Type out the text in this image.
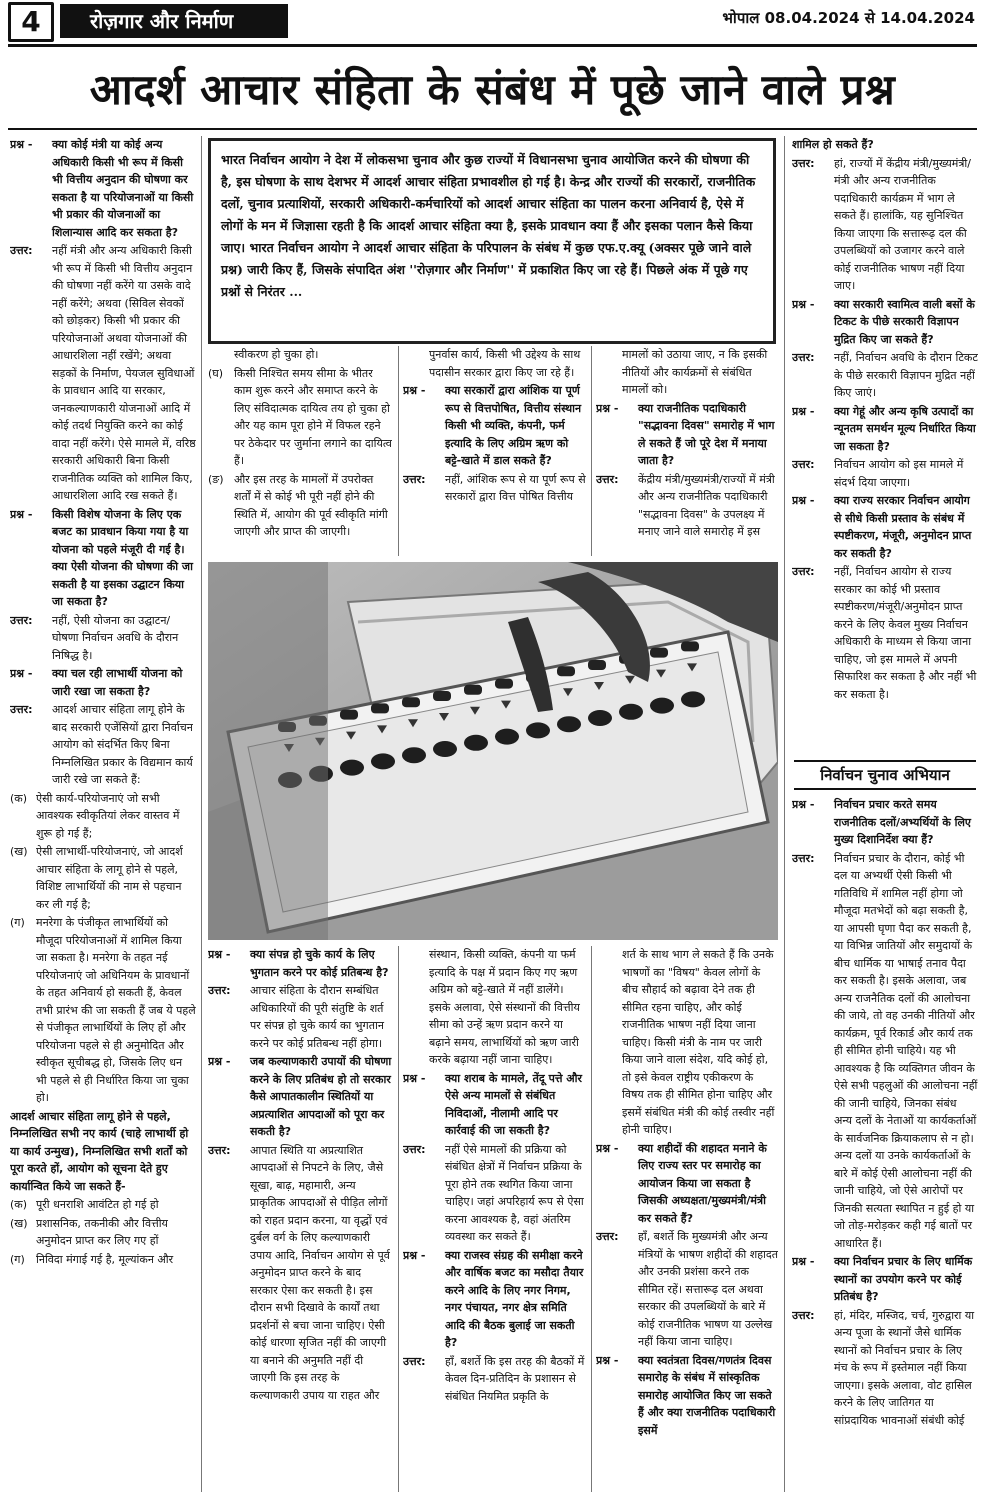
4	रोज़गार और निर्माण	भोपाल 08.04.2024 से 14.04.2024
आदर्श आचार संहिता के संबंध में पूछे जाने वाले प्रश्न

प्रश्न -	क्या कोई मंत्री या कोई अन्य अधिकारी किसी भी रूप में किसी भी वित्तीय अनुदान की घोषणा कर सकता है या परियोजनाओं या किसी भी प्रकार की योजनाओं का शिलान्यास आदि कर सकता है?

उत्तर:	नहीं मंत्री और अन्य अधिकारी किसी भी रूप में किसी भी वित्तीय अनुदान की घोषणा नहीं करेंगे या उसके वादे नहीं करेंगे; अथवा (सिविल सेवकों को छोड़कर) किसी भी प्रकार की परियोजनाओं अथवा योजनाओं की आधारशिला नहीं रखेंगे; अथवा सड़कों के निर्माण, पेयजल सुविधाओं के प्रावधान आदि या सरकार, जनकल्याणकारी योजनाओं आदि में कोई तदर्थ नियुक्ति करने का कोई वादा नहीं करेंगे। ऐसे मामले में, वरिष्ठ सरकारी अधिकारी बिना किसी राजनीतिक व्यक्ति को शामिल किए, आधारशिला आदि रख सकते हैं।

प्रश्न -	किसी विशेष योजना के लिए एक बजट का प्रावधान किया गया है या योजना को पहले मंजूरी दी गई है। क्या ऐसी योजना की घोषणा की जा सकती है या इसका उद्घाटन किया जा सकता है?

उत्तर:	नहीं, ऐसी योजना का उद्घाटन/ घोषणा निर्वाचन अवधि के दौरान निषिद्ध है।

प्रश्न -	क्या चल रही लाभार्थी योजना को जारी रखा जा सकता है?

उत्तर:	आदर्श आचार संहिता लागू होने के बाद सरकारी एजेंसियों द्वारा निर्वाचन आयोग को संदर्भित किए बिना निम्नलिखित प्रकार के विद्यमान कार्य जारी रखे जा सकते हैं:

(क) ऐसी कार्य-परियोजनाएं जो सभी आवश्यक स्वीकृतियां लेकर वास्तव में शुरू हो गई हैं;

(ख) ऐसी लाभार्थी-परियोजनाएं, जो आदर्श आचार संहिता के लागू होने से पहले, विशिष्ट लाभार्थियों की नाम से पहचान कर ली गई है;

(ग)	मनरेगा के पंजीकृत लाभार्थियों को मौजूदा परियोजनाओं में शामिल किया जा सकता है। मनरेगा के तहत नई परियोजनाएं जो अधिनियम के प्रावधानों के तहत अनिवार्य हो सकती हैं, केवल तभी प्रारंभ की जा सकती हैं जब ये पहले से पंजीकृत लाभार्थियों के लिए हों और परियोजना पहले से ही अनुमोदित और स्वीकृत सूचीबद्ध हो, जिसके लिए धन भी पहले से ही निर्धारित किया जा चुका हो।

आदर्श आचार संहिता लागू होने से पहले, निम्नलिखित सभी नए कार्य (चाहे लाभार्थी हो या कार्य उन्मुख), निम्नलिखित सभी शर्तों को पूरा करते हों, आयोग को सूचना देते हुए कार्यान्वित किये जा सकते हैं-

(क) पूरी धनराशि आवंटित हो गई हो

(ख) प्रशासनिक, तकनीकी और वित्तीय अनुमोदन प्राप्त कर लिए गए हों

(ग)	निविदा मंगाई गई है, मूल्यांकन और

भारत निर्वाचन आयोग ने देश में लोकसभा चुनाव और कुछ राज्यों में विधानसभा चुनाव आयोजित करने की घोषणा की है, इस घोषणा के साथ देशभर में आदर्श आचार संहिता प्रभावशील हो गई है। केन्द्र और राज्यों की सरकारों, राजनीतिक दलों, चुनाव प्रत्याशियों, सरकारी अधिकारी-कर्मचारियों को आदर्श आचार संहिता का पालन करना अनिवार्य है, ऐसे में लोगों के मन में जिज्ञासा रहती है कि आदर्श आचार संहिता क्या है, इसके प्रावधान क्या हैं और इसका पलान कैसे किया जाए। भारत निर्वाचन आयोग ने आदर्श आचार संहिता के परिपालन के संबंध में कुछ एफ.ए.क्यू (अक्सर पूछे जाने वाले प्रश्न) जारी किए हैं, जिसके संपादित अंश ''रोज़गार और निर्माण'' में प्रकाशित किए जा रहे हैं। पिछले अंक में पूछे गए प्रश्नों से निरंतर ...

स्वीकरण हो चुका हो।

(घ) किसी निश्चित समय सीमा के भीतर काम शुरू करने और समाप्त करने के लिए संविदात्मक दायित्व तय हो चुका हो और यह काम पूरा होने में विफल रहने पर ठेकेदार पर जुर्माना लगाने का दायित्व हैं।

(ङ) और इस तरह के मामलों में उपरोक्त शर्तों में से कोई भी पूरी नहीं होने की स्थिति में, आयोग की पूर्व स्वीकृति मांगी जाएगी और प्राप्त की जाएगी।

पुनर्वास कार्य, किसी भी उद्देश्य के साथ पदासीन सरकार द्वारा किए जा रहे हैं।

प्रश्न -	क्या सरकारों द्वारा आंशिक या पूर्ण रूप से वित्तपोषित, वित्तीय संस्थान किसी भी व्यक्ति, कंपनी, फर्म इत्यादि के लिए अग्रिम ऋण को बट्टे-खाते में डाल सकते हैं?

उत्तर:	नहीं, आंशिक रूप से या पूर्ण रूप से सरकारों द्वारा वित्त पोषित वित्तीय

मामलों को उठाया जाए, न कि इसकी नीतियों और कार्यक्रमों से संबंधित मामलों को।

प्रश्न -	क्या राजनीतिक पदाधिकारी "सद्भावना दिवस" समारोह में भाग ले सकते हैं जो पूरे देश में मनाया जाता है?

उत्तर:	केंद्रीय मंत्री/मुख्यमंत्री/राज्यों में मंत्री और अन्य राजनीतिक पदाधिकारी "सद्भावना दिवस" के उपलक्ष्य में मनाए जाने वाले समारोह में इस

प्रश्न -	क्या संपन्न हो चुके कार्य के लिए भुगतान करने पर कोई प्रतिबन्ध है?

उत्तर:	आचार संहिता के दौरान सम्बंधित अधिकारियों की पूरी संतुष्टि के शर्त पर संपन्न हो चुके कार्य का भुगतान करने पर कोई प्रतिबन्ध नहीं होगा।

प्रश्न -	जब कल्याणकारी उपायों की घोषणा करने के लिए प्रतिबंध हो तो सरकार कैसे आपातकालीन स्थितियों या अप्रत्याशित आपदाओं को पूरा कर सकती है?

उत्तर:	आपात स्थिति या अप्रत्याशित आपदाओं से निपटने के लिए, जैसे सूखा, बाढ़, महामारी, अन्य प्राकृतिक आपदाओं से पीड़ित लोगों को राहत प्रदान करना, या वृद्धों एवं दुर्बल वर्ग के लिए कल्याणकारी उपाय आदि, निर्वाचन आयोग से पूर्व अनुमोदन प्राप्त करने के बाद सरकार ऐसा कर सकती है। इस दौरान सभी दिखावे के कार्यों तथा प्रदर्शनों से बचा जाना चाहिए। ऐसी कोई धारणा सृजित नहीं की जाएगी या बनाने की अनुमति नहीं दी जाएगी कि इस तरह के कल्याणकारी उपाय या राहत और

संस्थान, किसी व्यक्ति, कंपनी या फर्म इत्यादि के पक्ष में प्रदान किए गए ऋण अग्रिम को बट्टे-खाते में नहीं डालेंगे। इसके अलावा, ऐसे संस्थानों की वित्तीय सीमा को उन्हें ऋण प्रदान करने या बढ़ाने समय, लाभार्थियों को ऋण जारी करके बढ़ाया नहीं जाना चाहिए।

प्रश्न -	क्या शराब के मामले, तेंदू पत्ते और ऐसे अन्य मामलों से संबंधित निविदाओं, नीलामी आदि पर कार्रवाई की जा सकती है?

उत्तर:	नहीं ऐसे मामलों की प्रक्रिया को संबंधित क्षेत्रों में निर्वाचन प्रक्रिया के पूरा होने तक स्थगित किया जाना चाहिए। जहां अपरिहार्य रूप से ऐसा करना आवश्यक है, वहां अंतरिम व्यवस्था कर सकते हैं।

प्रश्न -	क्या राजस्व संग्रह की समीक्षा करने और वार्षिक बजट का मसौदा तैयार करने आदि के लिए नगर निगम, नगर पंचायत, नगर क्षेत्र समिति आदि की बैठक बुलाई जा सकती है?

उत्तर:	हाँ, बशर्ते कि इस तरह की बैठकों में केवल दिन-प्रतिदिन के प्रशासन से संबंधित नियमित प्रकृति के

शर्त के साथ भाग ले सकते हैं कि उनके भाषणों का "विषय" केवल लोगों के बीच सौहार्द को बढ़ावा देने तक ही सीमित रहना चाहिए, और कोई राजनीतिक भाषण नहीं दिया जाना चाहिए। किसी मंत्री के नाम पर जारी किया जाने वाला संदेश, यदि कोई हो, तो इसे केवल राष्ट्रीय एकीकरण के विषय तक ही सीमित होना चाहिए और इसमें संबंधित मंत्री की कोई तस्वीर नहीं होनी चाहिए।

प्रश्न -	क्या शहीदों की शहादत मनाने के लिए राज्य स्तर पर समारोह का आयोजन किया जा सकता है जिसकी अध्यक्षता/मुख्यमंत्री/मंत्री कर सकते हैं?

उत्तर:	हाँ, बशर्ते कि मुख्यमंत्री और अन्य मंत्रियों के भाषण शहीदों की शहादत और उनकी प्रशंसा करने तक सीमित रहें। सत्तारूढ़ दल अथवा सरकार की उपलब्धियों के बारे में कोई राजनीतिक भाषण या उल्लेख नहीं किया जाना चाहिए।

प्रश्न -	क्या स्वतंत्रता दिवस/गणतंत्र दिवस समारोह के संबंध में सांस्कृतिक समारोह आयोजित किए जा सकते हैं और क्या राजनीतिक पदाधिकारी इसमें

शामिल हो सकते हैं?

उत्तर:	हां, राज्यों में केंद्रीय मंत्री/मुख्यमंत्री/ मंत्री और अन्य राजनीतिक पदाधिकारी कार्यक्रम में भाग ले सकते हैं। हालांकि, यह सुनिश्चित किया जाएगा कि सत्तारूढ़ दल की उपलब्धियों को उजागर करने वाले कोई राजनीतिक भाषण नहीं दिया जाए।

प्रश्न -	क्या सरकारी स्वामित्व वाली बसों के टिकट के पीछे सरकारी विज्ञापन मुद्रित किए जा सकते हैं?

उत्तर:	नहीं, निर्वाचन अवधि के दौरान टिकट के पीछे सरकारी विज्ञापन मुद्रित नहीं किए जाएं।

प्रश्न -	क्या गेहूं और अन्य कृषि उत्पादों का न्यूनतम समर्थन मूल्य निर्धारित किया जा सकता है?

उत्तर:	निर्वाचन आयोग को इस मामले में संदर्भ दिया जाएगा।

प्रश्न -	क्या राज्य सरकार निर्वाचन आयोग से सीधे किसी प्रस्ताव के संबंध में स्पष्टीकरण, मंजूरी, अनुमोदन प्राप्त कर सकती है?

उत्तर:	नहीं, निर्वाचन आयोग से राज्य सरकार का कोई भी प्रस्ताव स्पष्टीकरण/मंजूरी/अनुमोदन प्राप्त करने के लिए केवल मुख्य निर्वाचन अधिकारी के माध्यम से किया जाना चाहिए, जो इस मामले में अपनी सिफारिश कर सकता है और नहीं भी कर सकता है।

निर्वाचन चुनाव अभियान

प्रश्न -	निर्वाचन प्रचार करते समय राजनीतिक दलों/अभ्यर्थियों के लिए मुख्य दिशानिर्देश क्या हैं?

उत्तर:	निर्वाचन प्रचार के दौरान, कोई भी दल या अभ्यर्थी ऐसी किसी भी गतिविधि में शामिल नहीं होगा जो मौजूदा मतभेदों को बढ़ा सकती है, या आपसी घृणा पैदा कर सकती है, या विभिन्न जातियों और समुदायों के बीच धार्मिक या भाषाई तनाव पैदा कर सकती है। इसके अलावा, जब अन्य राजनैतिक दलों की आलोचना की जाये, तो वह उनकी नीतियों और कार्यक्रम, पूर्व रिकार्ड और कार्य तक ही सीमित होनी चाहिये। यह भी आवश्यक है कि व्यक्तिगत जीवन के ऐसे सभी पहलुओं की आलोचना नहीं की जानी चाहिये, जिनका संबंध अन्य दलों के नेताओं या कार्यकर्ताओं के सार्वजनिक क्रियाकलाप से न हो। अन्य दलों या उनके कार्यकर्ताओं के बारे में कोई ऐसी आलोचना नहीं की जानी चाहिये, जो ऐसे आरोपों पर जिनकी सत्यता स्थापित न हुई हो या जो तोड़-मरोड़कर कही गई बातों पर आधारित हैं।

प्रश्न -	क्या निर्वाचन प्रचार के लिए धार्मिक स्थानों का उपयोग करने पर कोई प्रतिबंध है?

उत्तर:	हां, मंदिर, मस्जिद, चर्च, गुरुद्वारा या अन्य पूजा के स्थानों जैसे धार्मिक स्थानों को निर्वाचन प्रचार के लिए मंच के रूप में इस्तेमाल नहीं किया जाएगा। इसके अलावा, वोट हासिल करने के लिए जातिगत या सांप्रदायिक भावनाओं संबंधी कोई
